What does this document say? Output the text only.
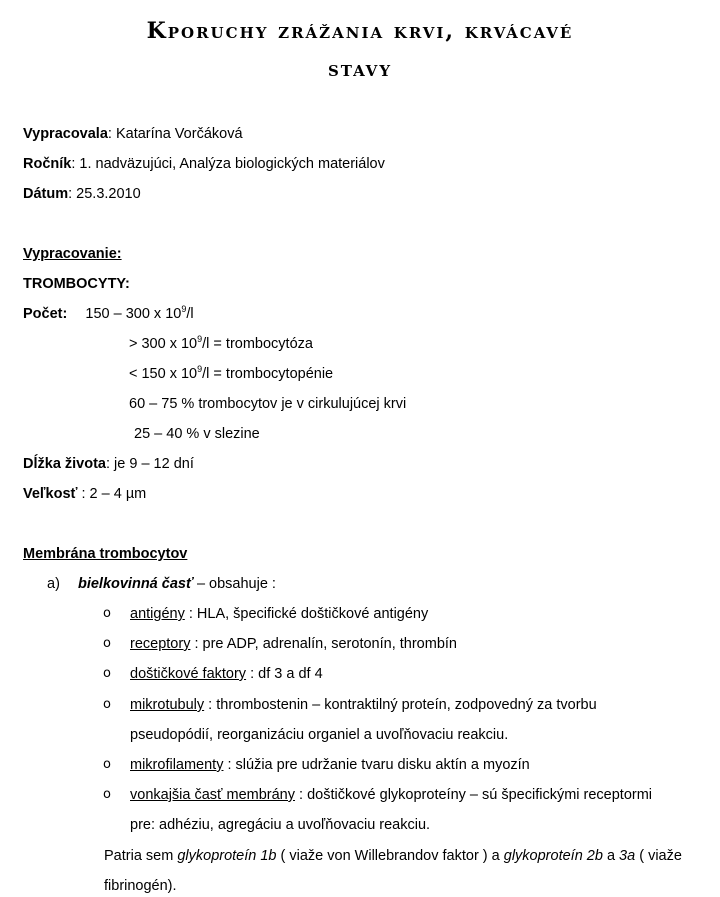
Kporuchy zrážania krvi, krvácavé
stavy
Vypracovala: Katarína Vorčáková
Ročník: 1. nadväzujúci, Analýza biologických materiálov
Dátum: 25.3.2010
Vypracovanie:
TROMBOCYTY:
Počet: 150 – 300 x $10^9/l$
> 300 x $10^9/l$ = trombocytóza
< 150 x $10^9/l$ = trombocytopénie
60 – 75 % trombocytov je v cirkulujúcej krvi
25 – 40 % v slezine
Dĺžka života: je 9 – 12 dní
Veľkosť : 2 – 4 µm
Membrána trombocytov
a) bielkovinná časť – obsahuje :
o antigény : HLA, špecifické doštičkové antigény
o receptory : pre ADP, adrenalín, serotonín, thrombín
o doštičkové faktory : df 3 a df 4
o mikrotubuly : thrombostenin – kontraktilný proteín, zodpovedný za tvorbu
pseudopódií, reorganizáciu organiel a uvoľňovaciu reakciu.
o mikrofilamenty : slúžia pre udržanie tvaru disku aktín a myozín
o vonkajšia časť membrány : doštičkové glykoproteíny – sú špecifickými receptormi
pre: adhéziu, agregáciu a uvoľňovaciu reakciu.
Patria sem glykoproteín 1b ( viaže von Willebrandov faktor ) a glykoproteín 2b a 3a ( viaže
fibrinogén).
